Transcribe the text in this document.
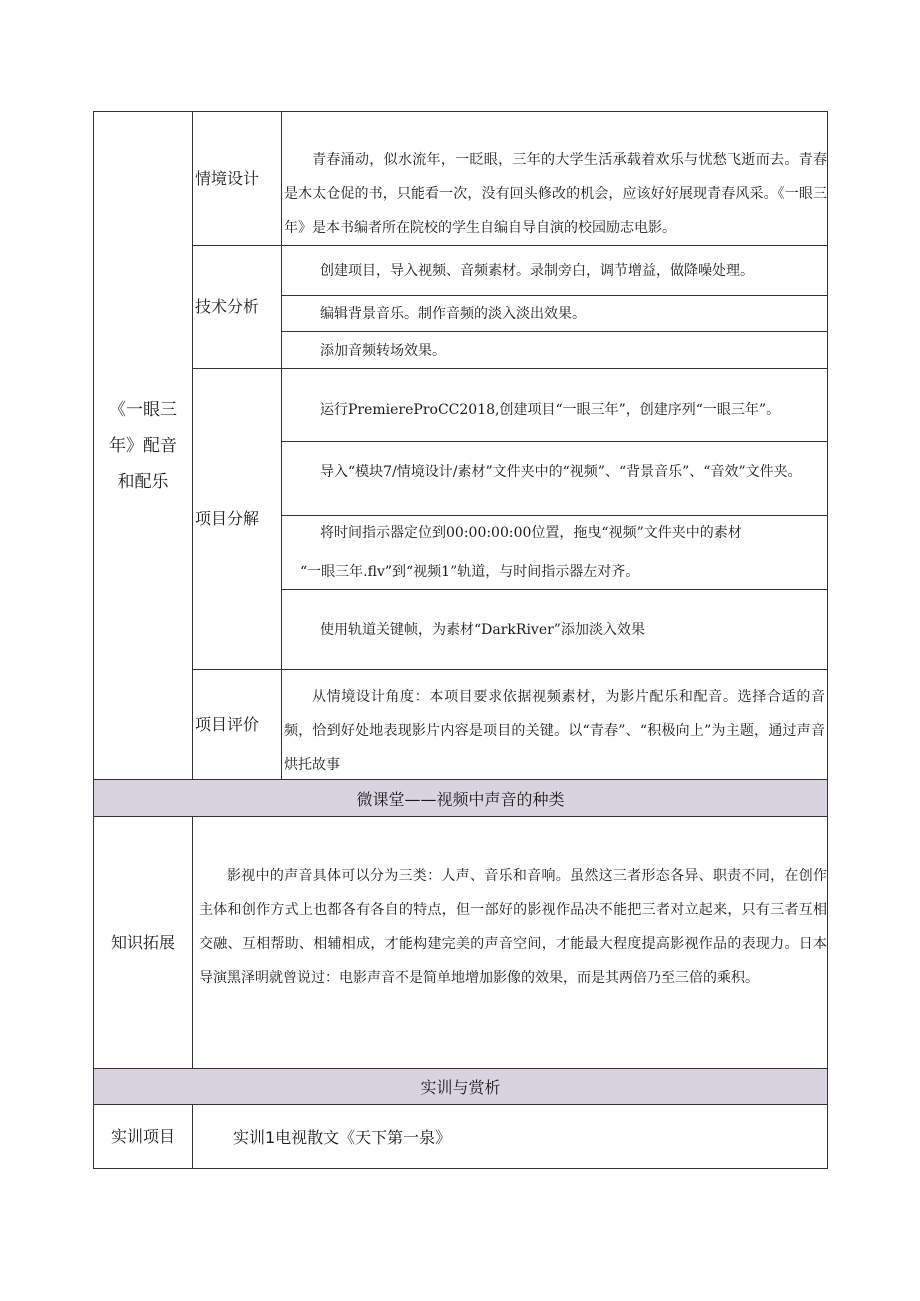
《一眼三年》配音和配乐
情境设计
青春涌动，似水流年，一眨眼，三年的大学生活承载着欢乐与忧愁飞逝而去。青春是木太仓促的书，只能看一次，没有回头修改的机会，应该好好展现青春风采。《一眼三年》是本书编者所在院校的学生自编自导自演的校园励志电影。
技术分析
创建项目，导入视频、音频素材。录制旁白，调节增益，做降噪处理。
编辑背景音乐。制作音频的淡入淡出效果。
添加音频转场效果。
项目分解
运行PremiereProCC2018,创建项目“一眼三年”，创建序列“一眼三年”。
导入“模块7/情境设计/素材”文件夹中的“视频”、“背景音乐”、“音效”文件夹。
将时间指示器定位到00:00:00:00位置，拖曳“视频”文件夹中的素材
“一眼三年.flv”到“视频1”轨道，与时间指示器左对齐。
使用轨道关键帧，为素材“DarkRiver”添加淡入效果
项目评价
从情境设计角度：本项目要求依据视频素材，为影片配乐和配音。选择合适的音频，恰到好处地表现影片内容是项目的关键。以“青春”、“积极向上”为主题，通过声音烘托故事
微课堂——视频中声音的种类
知识拓展
影视中的声音具体可以分为三类：人声、音乐和音响。虽然这三者形态各异、职责不同，在创作主体和创作方式上也都各有各自的特点，但一部好的影视作品决不能把三者对立起来，只有三者互相交融、互相帮助、相辅相成，才能构建完美的声音空间，才能最大程度提高影视作品的表现力。日本导演黑泽明就曾说过：电影声音不是简单地增加影像的效果，而是其两倍乃至三倍的乘积。
实训与赏析
实训项目	实训1电视散文《天下第一泉》
